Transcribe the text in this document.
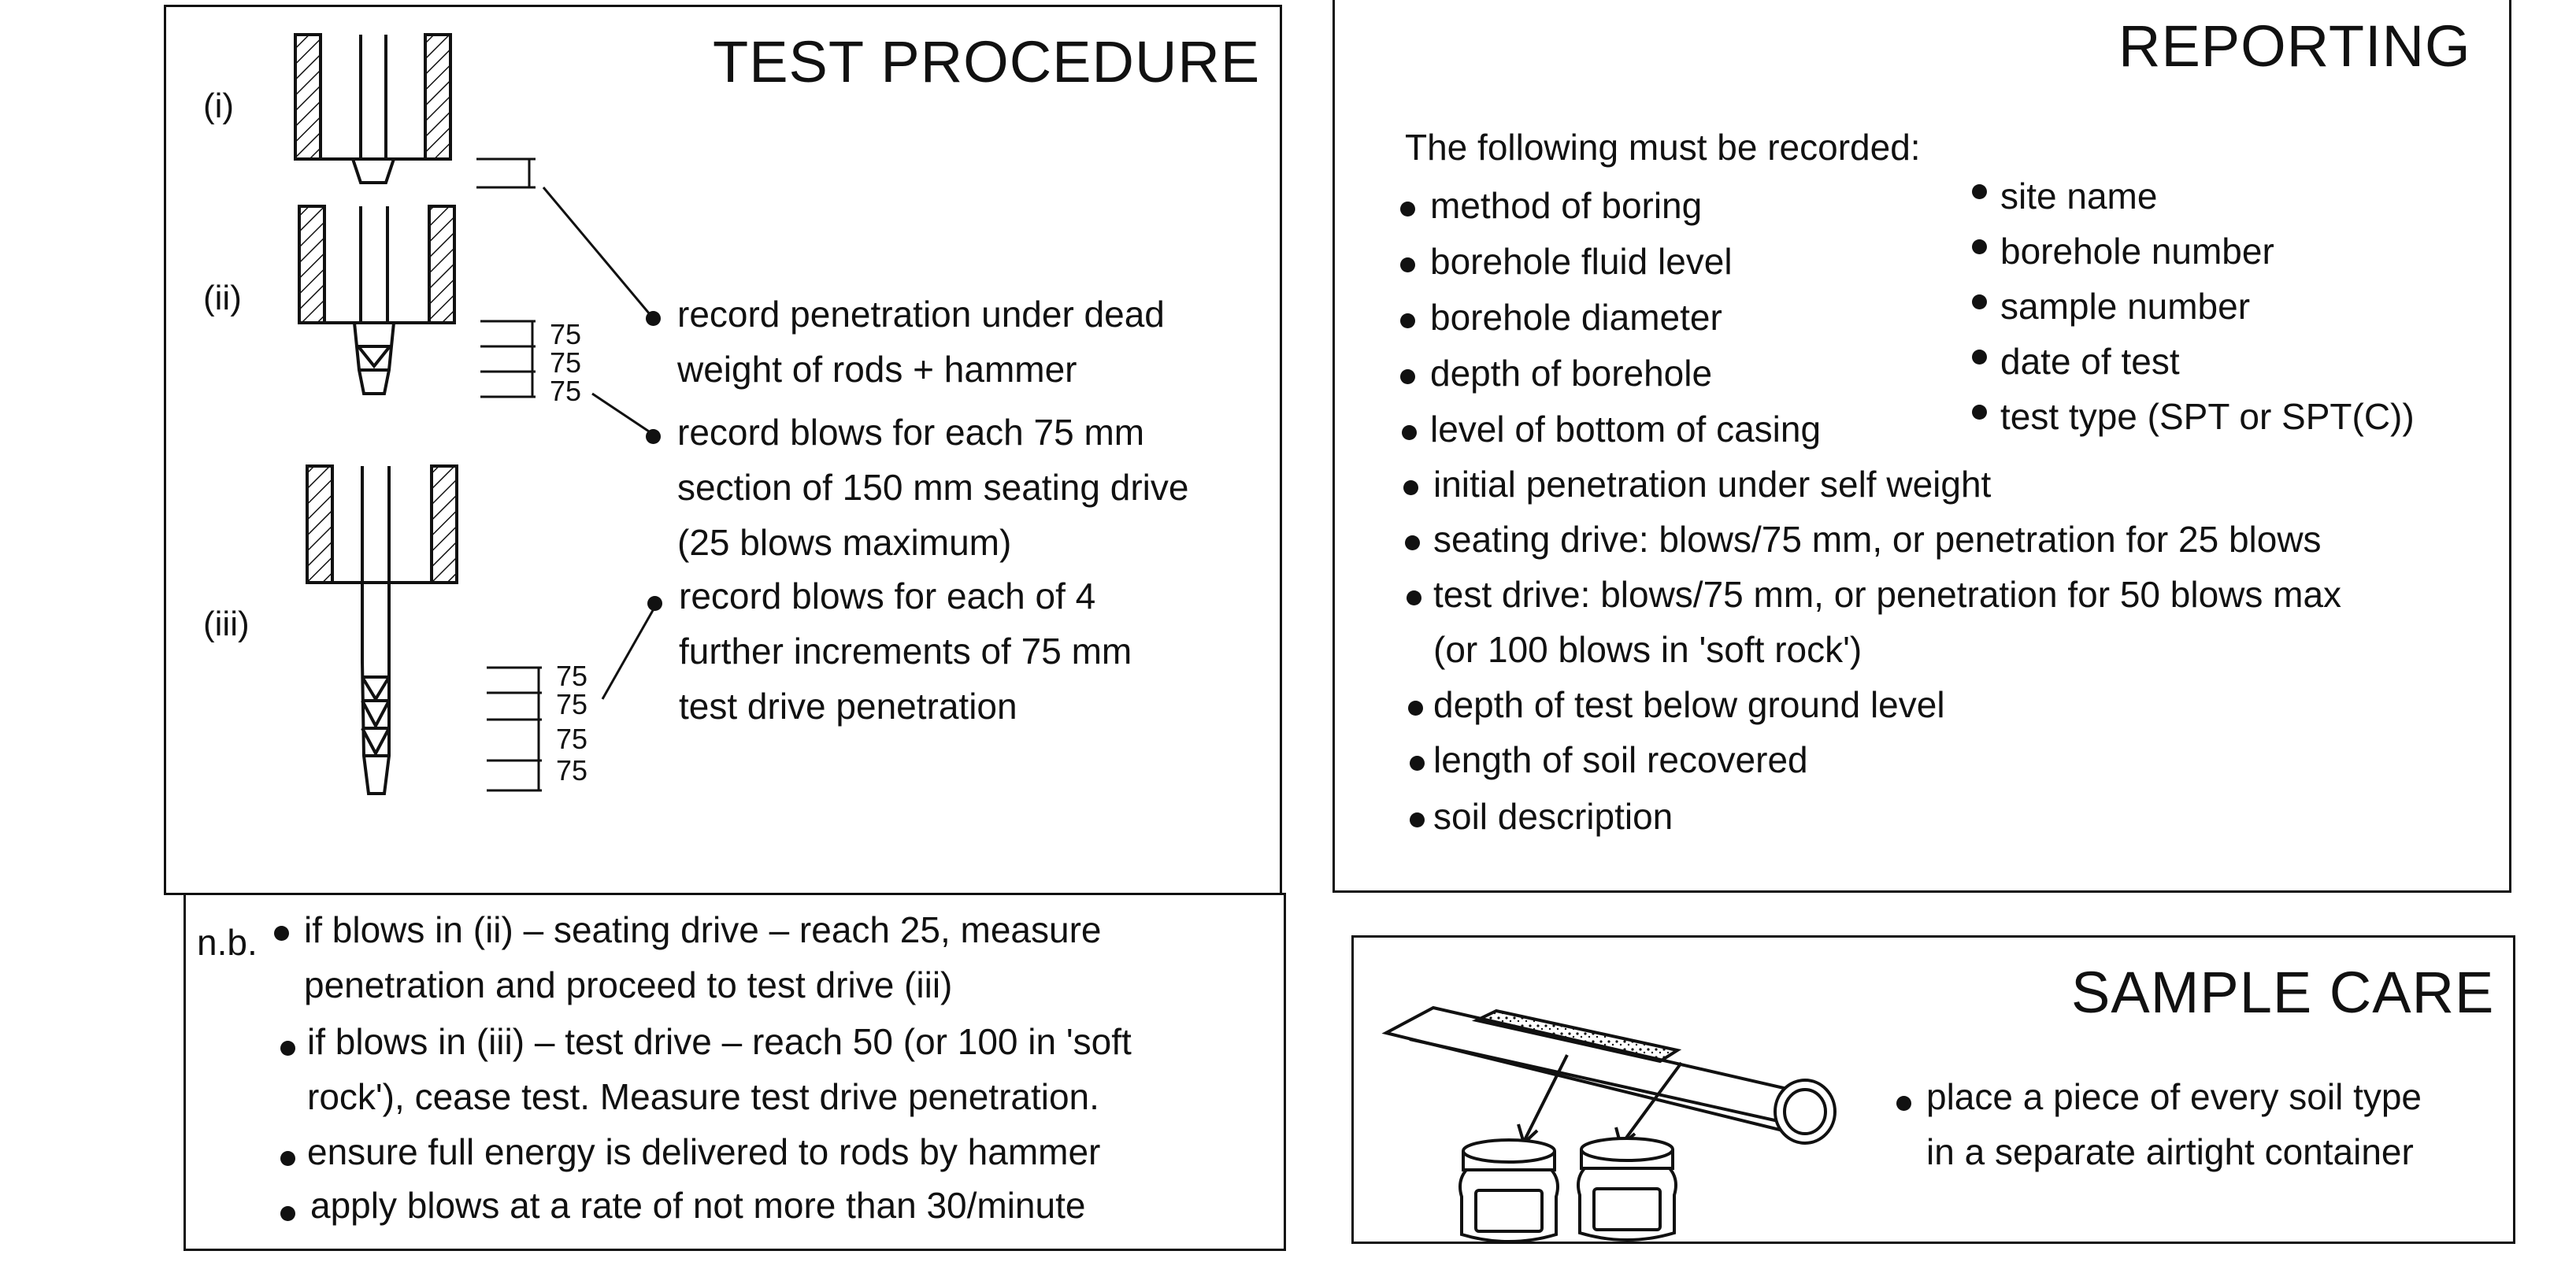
TEST PROCEDURE
(i)
(ii)
(iii)
75
75
75
75
75
75
75
record penetration under dead
weight of rods + hammer
record blows for each 75 mm
section of 150 mm seating drive
(25 blows maximum)
record blows for each of 4
further increments of 75 mm
test drive penetration
n.b. if blows in (ii) – seating drive – reach 25, measure
penetration and proceed to test drive (iii)
if blows in (iii) – test drive – reach 50 (or 100 in 'soft
rock'), cease test. Measure test drive penetration.
ensure full energy is delivered to rods by hammer
apply blows at a rate of not more than 30/minute
REPORTING
The following must be recorded:
method of boring
borehole fluid level
borehole diameter
depth of borehole
level of bottom of casing
initial penetration under self weight
seating drive: blows/75 mm, or penetration for 25 blows
test drive: blows/75 mm, or penetration for 50 blows max
(or 100 blows in 'soft rock')
depth of test below ground level
length of soil recovered
soil description
site name
borehole number
sample number
date of test
test type (SPT or SPT(C))
SAMPLE CARE
place a piece of every soil type
in a separate airtight container
